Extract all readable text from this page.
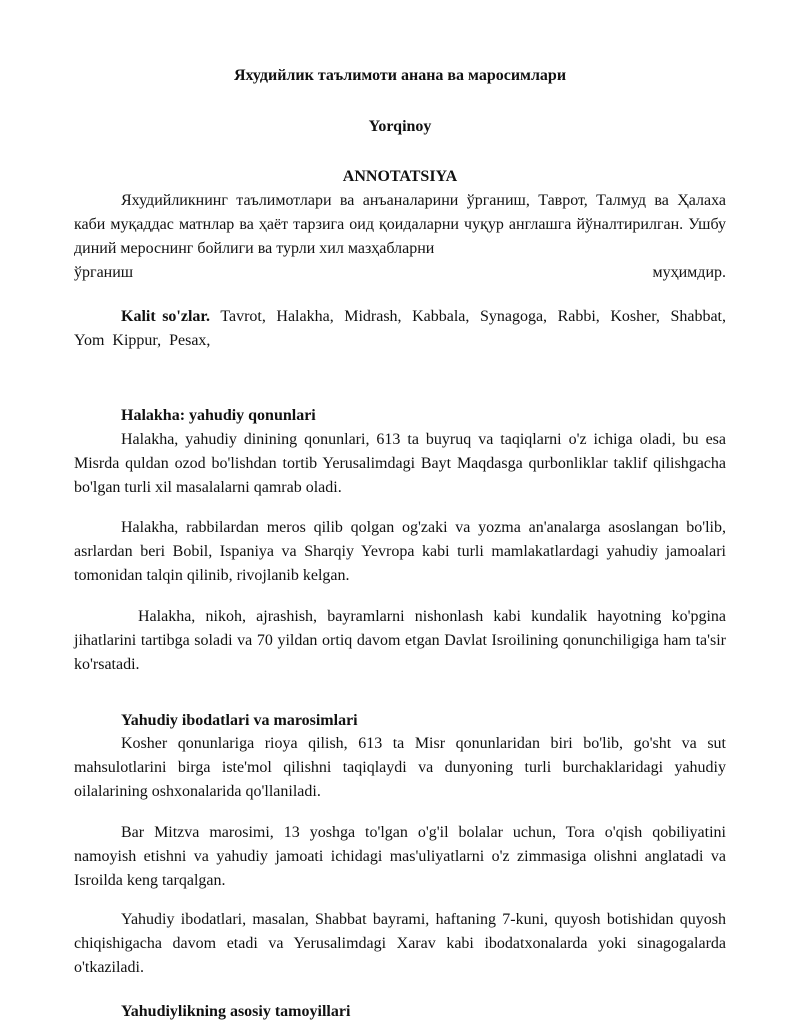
Яхудийлик таълимоти анана ва маросимлари
Yorqinoy
ANNOTATSIYA
Яхудийликнинг таълимотлари ва анъаналарини ўрганиш, Таврот, Талмуд ва Ҳалаха каби муқаддас матнлар ва ҳаёт тарзига оид қоидаларни чуқур англашга йўналтирилган. Ушбу диний мероснинг бойлиги ва турли хил мазҳабларни
ўрганиш	муҳимдир.
Kalit so'zlar. Tavrot, Halakha, Midrash, Kabbala, Synagoga, Rabbi, Kosher, Shabbat, Yom Kippur, Pesax,
Halakha: yahudiy qonunlari

Halakha, yahudiy dinining qonunlari, 613 ta buyruq va taqiqlarni o'z ichiga oladi, bu esa Misrda quldan ozod bo'lishdan tortib Yerusalimdagi Bayt Maqdasga qurbonliklar taklif qilishgacha bo'lgan turli xil masalalarni qamrab oladi.

Halakha, rabbilardan meros qilib qolgan og'zaki va yozma an'analarga asoslangan bo'lib, asrlardan beri Bobil, Ispaniya va Sharqiy Yevropa kabi turli mamlakatlardagi yahudiy jamoalari tomonidan talqin qilinib, rivojlanib kelgan.

Halakha, nikoh, ajrashish, bayramlarni nishonlash kabi kundalik hayotning ko'pgina jihatlarini tartibga soladi va 70 yildan ortiq davom etgan Davlat Isroilining qonunchiligiga ham ta'sir ko'rsatadi.

Yahudiy ibodatlari va marosimlari

Kosher qonunlariga rioya qilish, 613 ta Misr qonunlaridan biri bo'lib, go'sht va sut mahsulotlarini birga iste'mol qilishni taqiqlaydi va dunyoning turli burchaklaridagi yahudiy oilalarining oshxonalarida qo'llaniladi.

Bar Mitzva marosimi, 13 yoshga to'lgan o'g'il bolalar uchun, Tora o'qish qobiliyatini namoyish etishni va yahudiy jamoati ichidagi mas'uliyatlarni o'z zimmasiga olishni anglatadi va Isroilda keng tarqalgan.

Yahudiy ibodatlari, masalan, Shabbat bayrami, haftaning 7-kuni, quyosh botishidan quyosh chiqishigacha davom etadi va Yerusalimdagi Xarav kabi ibodatxonalarda yoki sinagogalarda o'tkaziladi.

Yahudiylikning asosiy tamoyillari
